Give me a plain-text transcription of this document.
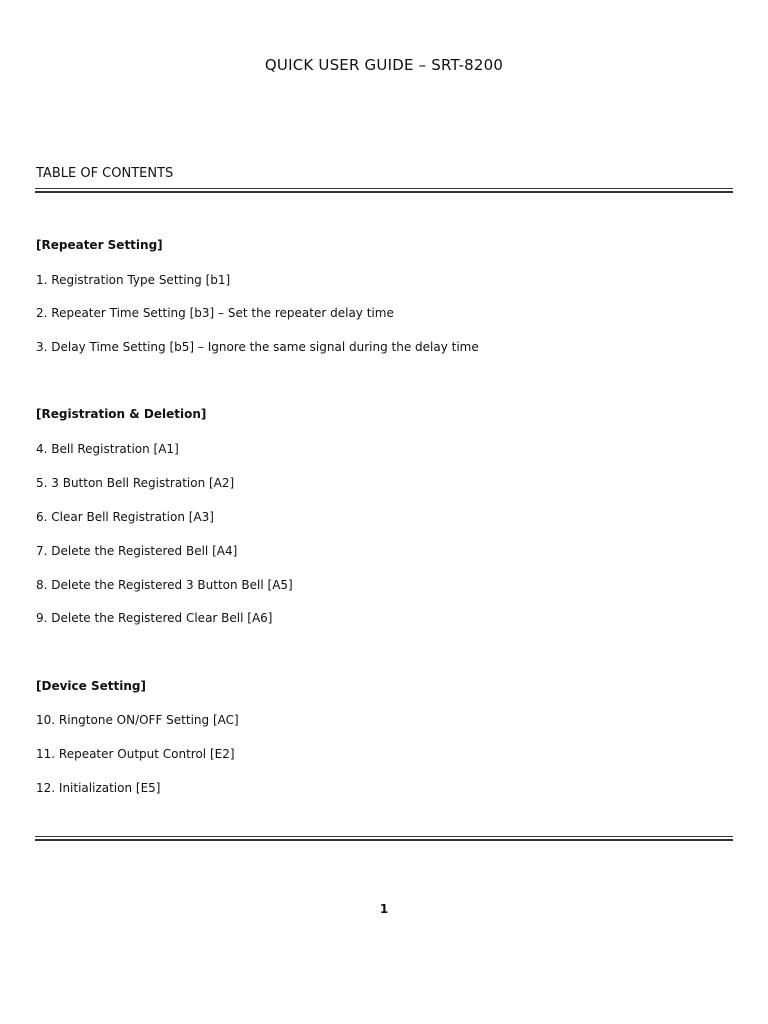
QUICK USER GUIDE – SRT-8200
TABLE OF CONTENTS
[Repeater Setting]
1. Registration Type Setting [b1]
2. Repeater Time Setting [b3] – Set the repeater delay time
3. Delay Time Setting [b5] – Ignore the same signal during the delay time
[Registration & Deletion]
4. Bell Registration [A1]
5. 3 Button Bell Registration [A2]
6. Clear Bell Registration [A3]
7. Delete the Registered Bell [A4]
8. Delete the Registered 3 Button Bell [A5]
9. Delete the Registered Clear Bell [A6]
[Device Setting]
10. Ringtone ON/OFF Setting [AC]
11. Repeater Output Control [E2]
12. Initialization [E5]
1
